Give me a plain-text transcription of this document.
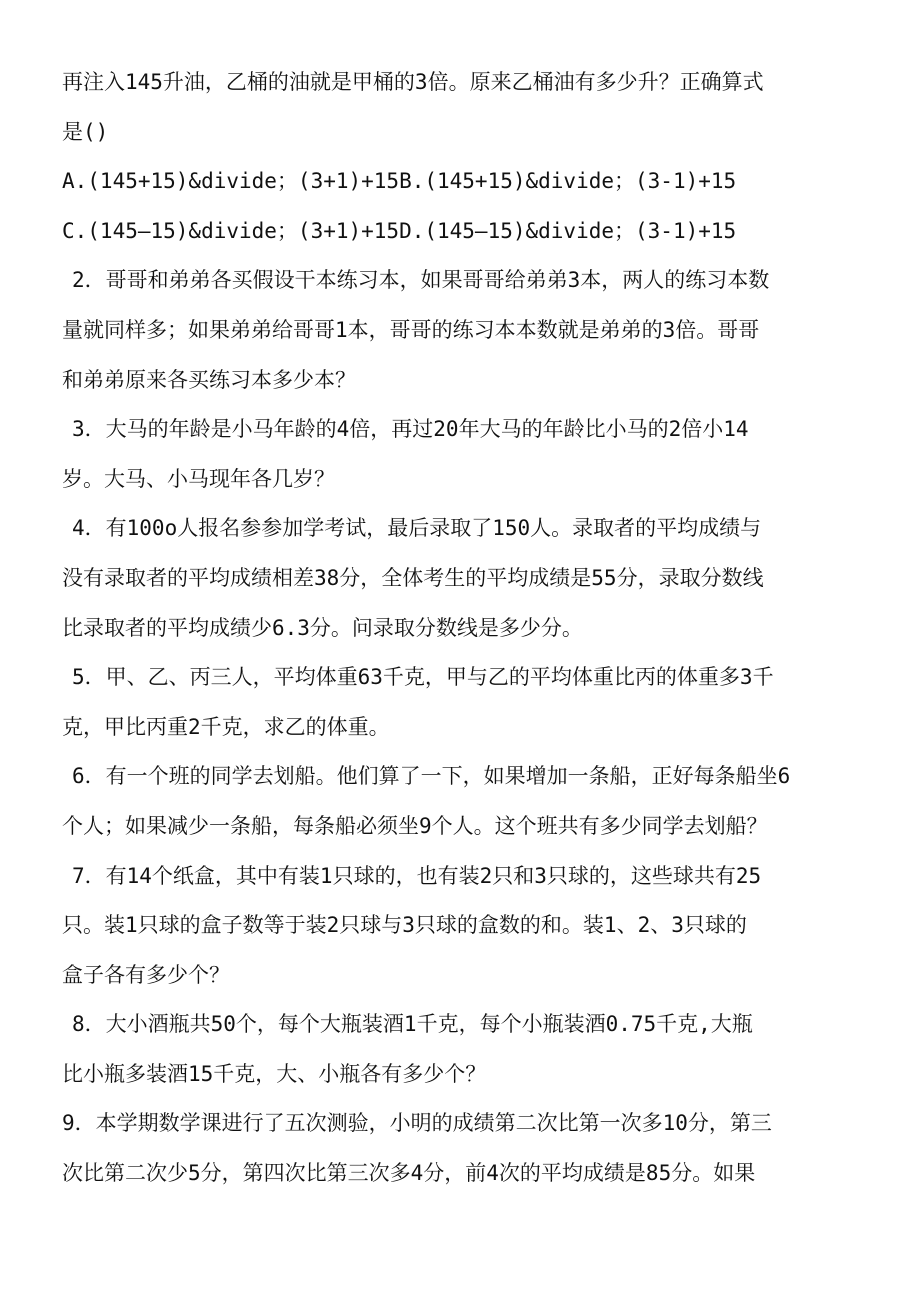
再注入145升油，乙桶的油就是甲桶的3倍。原来乙桶油有多少升？正确算式
是()
A.(145+15)&divide；(3+1)+15B.(145+15)&divide；(3-1)+15
C.(145—15)&divide；(3+1)+15D.(145—15)&divide；(3-1)+15
2．哥哥和弟弟各买假设干本练习本，如果哥哥给弟弟3本，两人的练习本数
量就同样多；如果弟弟给哥哥1本，哥哥的练习本本数就是弟弟的3倍。哥哥
和弟弟原来各买练习本多少本？
3．大马的年龄是小马年龄的4倍，再过20年大马的年龄比小马的2倍小14
岁。大马、小马现年各几岁？
4．有100o人报名参参加学考试，最后录取了150人。录取者的平均成绩与
没有录取者的平均成绩相差38分，全体考生的平均成绩是55分，录取分数线
比录取者的平均成绩少6.3分。问录取分数线是多少分。
5．甲、乙、丙三人，平均体重63千克，甲与乙的平均体重比丙的体重多3千
克，甲比丙重2千克，求乙的体重。
6．有一个班的同学去划船。他们算了一下，如果增加一条船，正好每条船坐6
个人；如果减少一条船，每条船必须坐9个人。这个班共有多少同学去划船？
7．有14个纸盒，其中有装1只球的，也有装2只和3只球的，这些球共有25
只。装1只球的盒子数等于装2只球与3只球的盒数的和。装1、2、3只球的
盒子各有多少个？
8．大小酒瓶共50个，每个大瓶装酒1千克，每个小瓶装酒0.75千克,大瓶
比小瓶多装酒15千克，大、小瓶各有多少个？
9．本学期数学课进行了五次测验，小明的成绩第二次比第一次多10分，第三
次比第二次少5分，第四次比第三次多4分，前4次的平均成绩是85分。如果
